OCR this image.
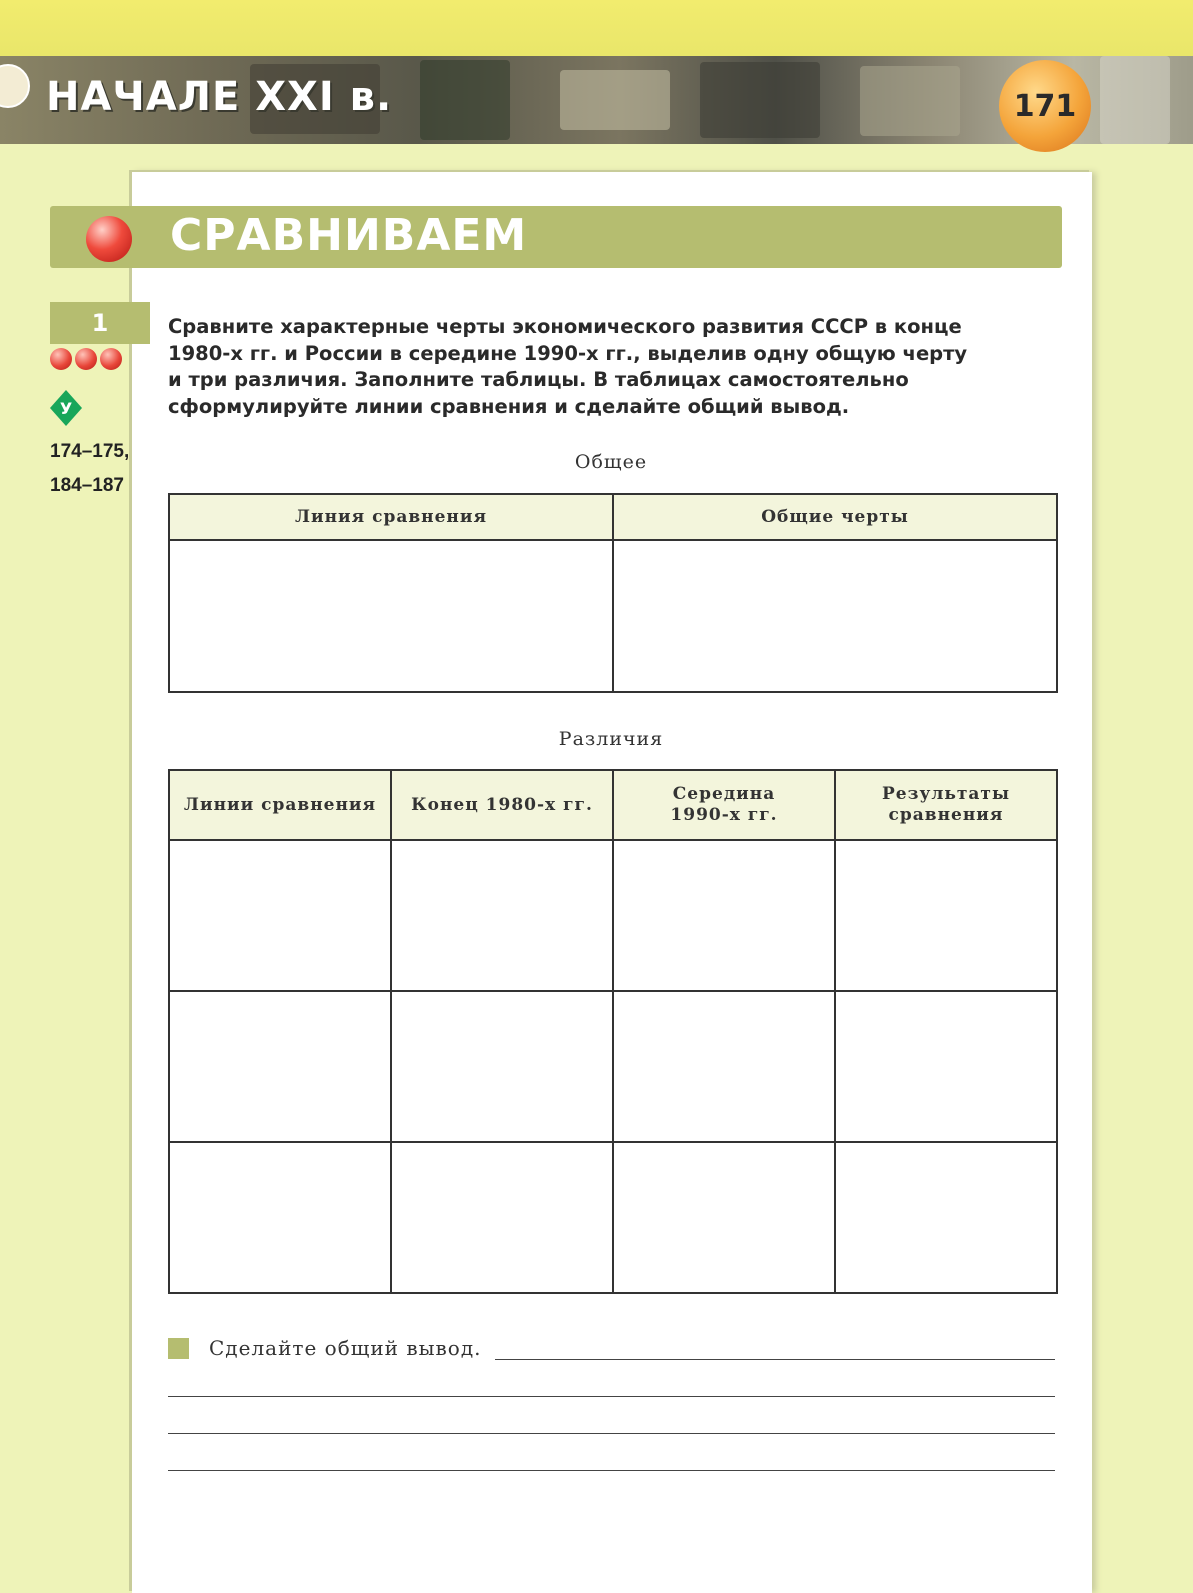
НАЧАЛЕ XXI в.	171
СРАВНИВАЕМ
1
У
174–175,
184–187
Сравните характерные черты экономического развития СССР в конце
1980-х гг. и России в середине 1990-х гг., выделив одну общую черту
и три различия. Заполните таблицы. В таблицах самостоятельно
сформулируйте линии сравнения и сделайте общий вывод.
Общее
Линия сравнения	Общие черты

Различия
Линии сравнения	Конец 1980-х гг.	Середина 1990-х гг.	Результаты сравнения

Сделайте общий вывод.
